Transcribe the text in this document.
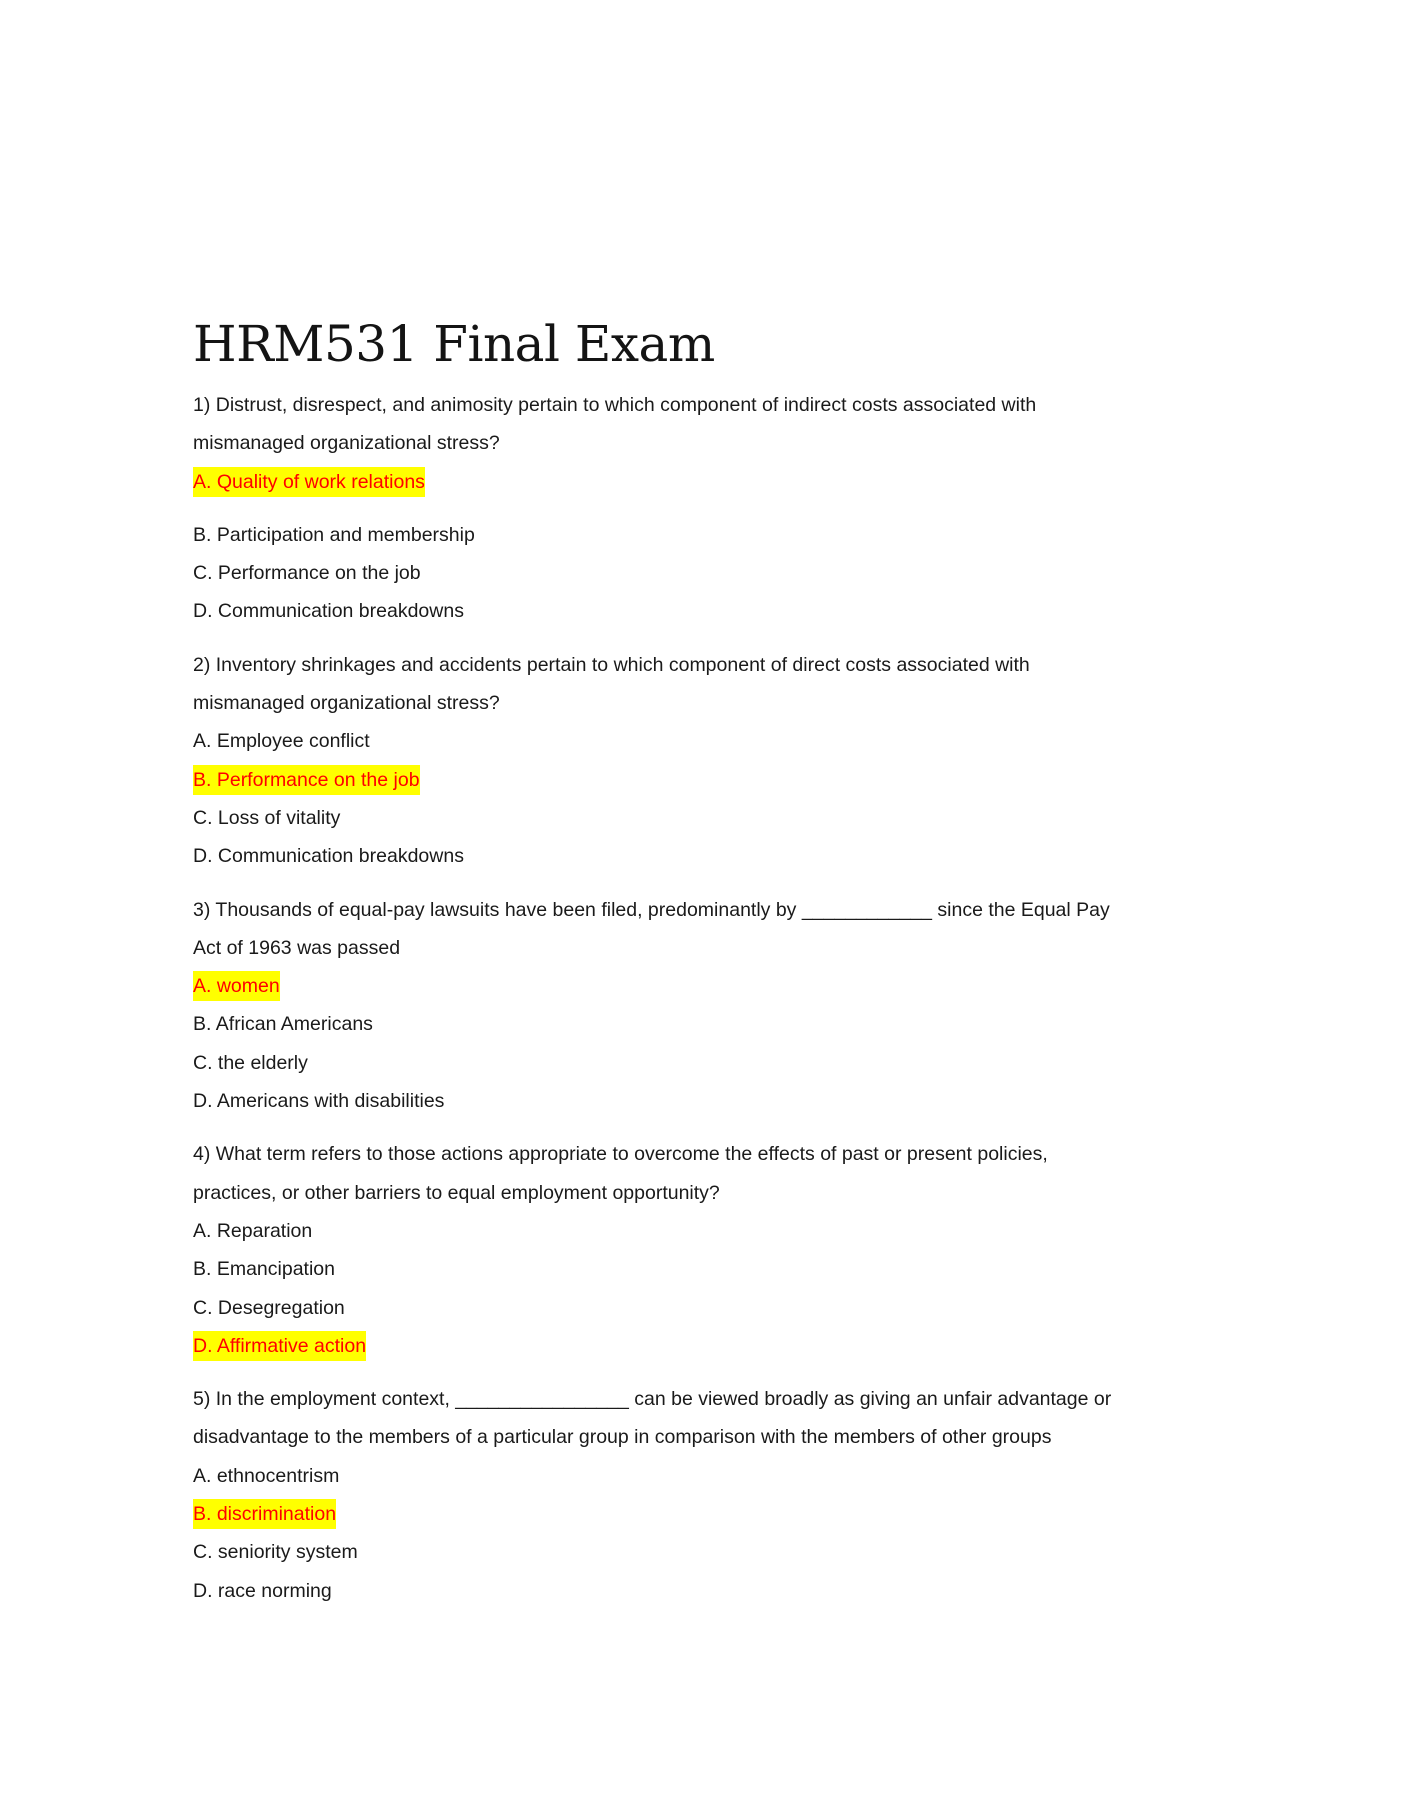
HRM531 Final Exam

1) Distrust, disrespect, and animosity pertain to which component of indirect costs associated with

mismanaged organizational stress?

A. Quality of work relations

B. Participation and membership

C. Performance on the job

D. Communication breakdowns

2) Inventory shrinkages and accidents pertain to which component of direct costs associated with

mismanaged organizational stress?

A. Employee conflict

B. Performance on the job

C. Loss of vitality

D. Communication breakdowns

3) Thousands of equal-pay lawsuits have been filed, predominantly by ____________ since the Equal Pay

Act of 1963 was passed

A. women

B. African Americans

C. the elderly

D. Americans with disabilities

4) What term refers to those actions appropriate to overcome the effects of past or present policies,

practices, or other barriers to equal employment opportunity?

A. Reparation

B. Emancipation

C. Desegregation

D. Affirmative action

5) In the employment context, ________________ can be viewed broadly as giving an unfair advantage or

disadvantage to the members of a particular group in comparison with the members of other groups

A. ethnocentrism

B. discrimination

C. seniority system

D. race norming
